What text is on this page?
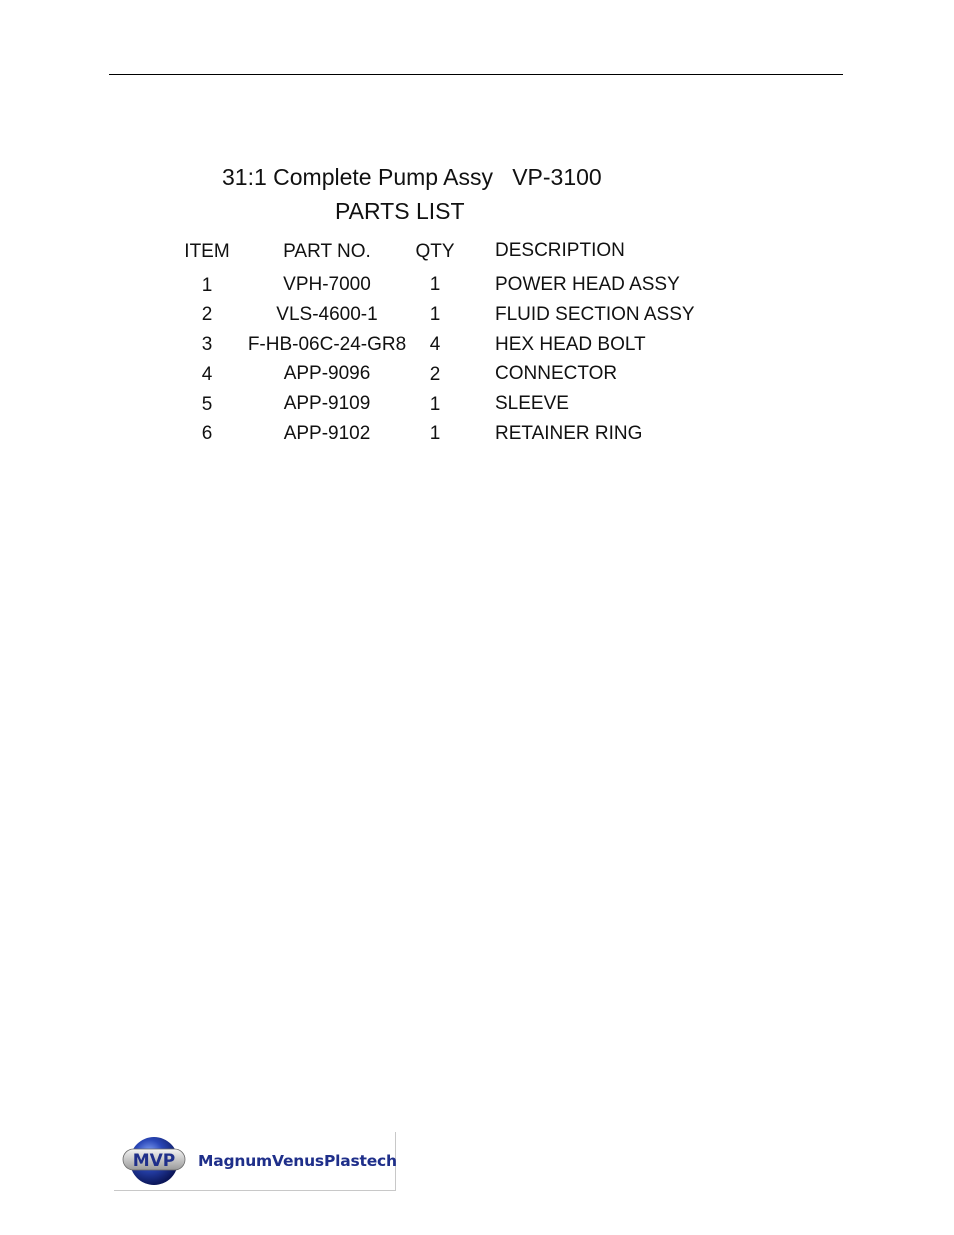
31:1 Complete Pump Assy   VP-3100
PARTS LIST
ITEM	PART NO.	QTY DESCRIPTION
1	VPH-7000	1	POWER HEAD ASSY
2	VLS-4600-1	1	FLUID SECTION ASSY
3	F-HB-06C-24-GR8	4	HEX HEAD BOLT
4	APP-9096	2	CONNECTOR
5	APP-9109	1	SLEEVE
6	APP-9102	1	RETAINER RING
MVP MagnumVenusPlastech
